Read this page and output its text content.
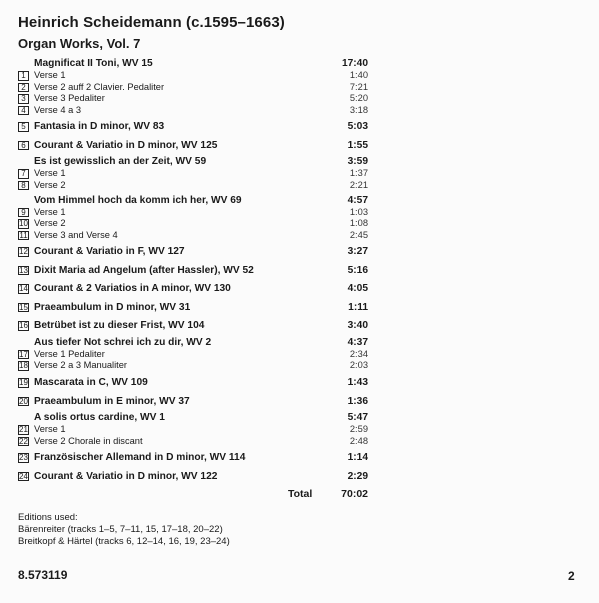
Heinrich Scheidemann (c.1595–1663)
Organ Works, Vol. 7
Magnificat II Toni, WV 15	17:40
1 Verse 1	1:40
2 Verse 2 auff 2 Clavier. Pedaliter	7:21
3 Verse 3 Pedaliter	5:20
4 Verse 4 a 3	3:18
5 Fantasia in D minor, WV 83	5:03
6 Courant & Variatio in D minor, WV 125	1:55
Es ist gewisslich an der Zeit, WV 59	3:59
7 Verse 1	1:37
8 Verse 2	2:21
Vom Himmel hoch da komm ich her, WV 69	4:57
9 Verse 1	1:03
10 Verse 2	1:08
11 Verse 3 and Verse 4	2:45
12 Courant & Variatio in F, WV 127	3:27
13 Dixit Maria ad Angelum (after Hassler), WV 52	5:16
14 Courant & 2 Variatios in A minor, WV 130	4:05
15 Praeambulum in D minor, WV 31	1:11
16 Betrübet ist zu dieser Frist, WV 104	3:40
Aus tiefer Not schrei ich zu dir, WV 2	4:37
17 Verse 1 Pedaliter	2:34
18 Verse 2 a 3 Manualiter	2:03
19 Mascarata in C, WV 109	1:43
20 Praeambulum in E minor, WV 37	1:36
A solis ortus cardine, WV 1	5:47
21 Verse 1	2:59
22 Verse 2 Chorale in discant	2:48
23 Französischer Allemand in D minor, WV 114	1:14
24 Courant & Variatio in D minor, WV 122	2:29
Total	70:02
Editions used:
Bärenreiter (tracks 1–5, 7–11, 15, 17–18, 20–22)
Breitkopf & Härtel (tracks 6, 12–14, 16, 19, 23–24)
8.573119	2
